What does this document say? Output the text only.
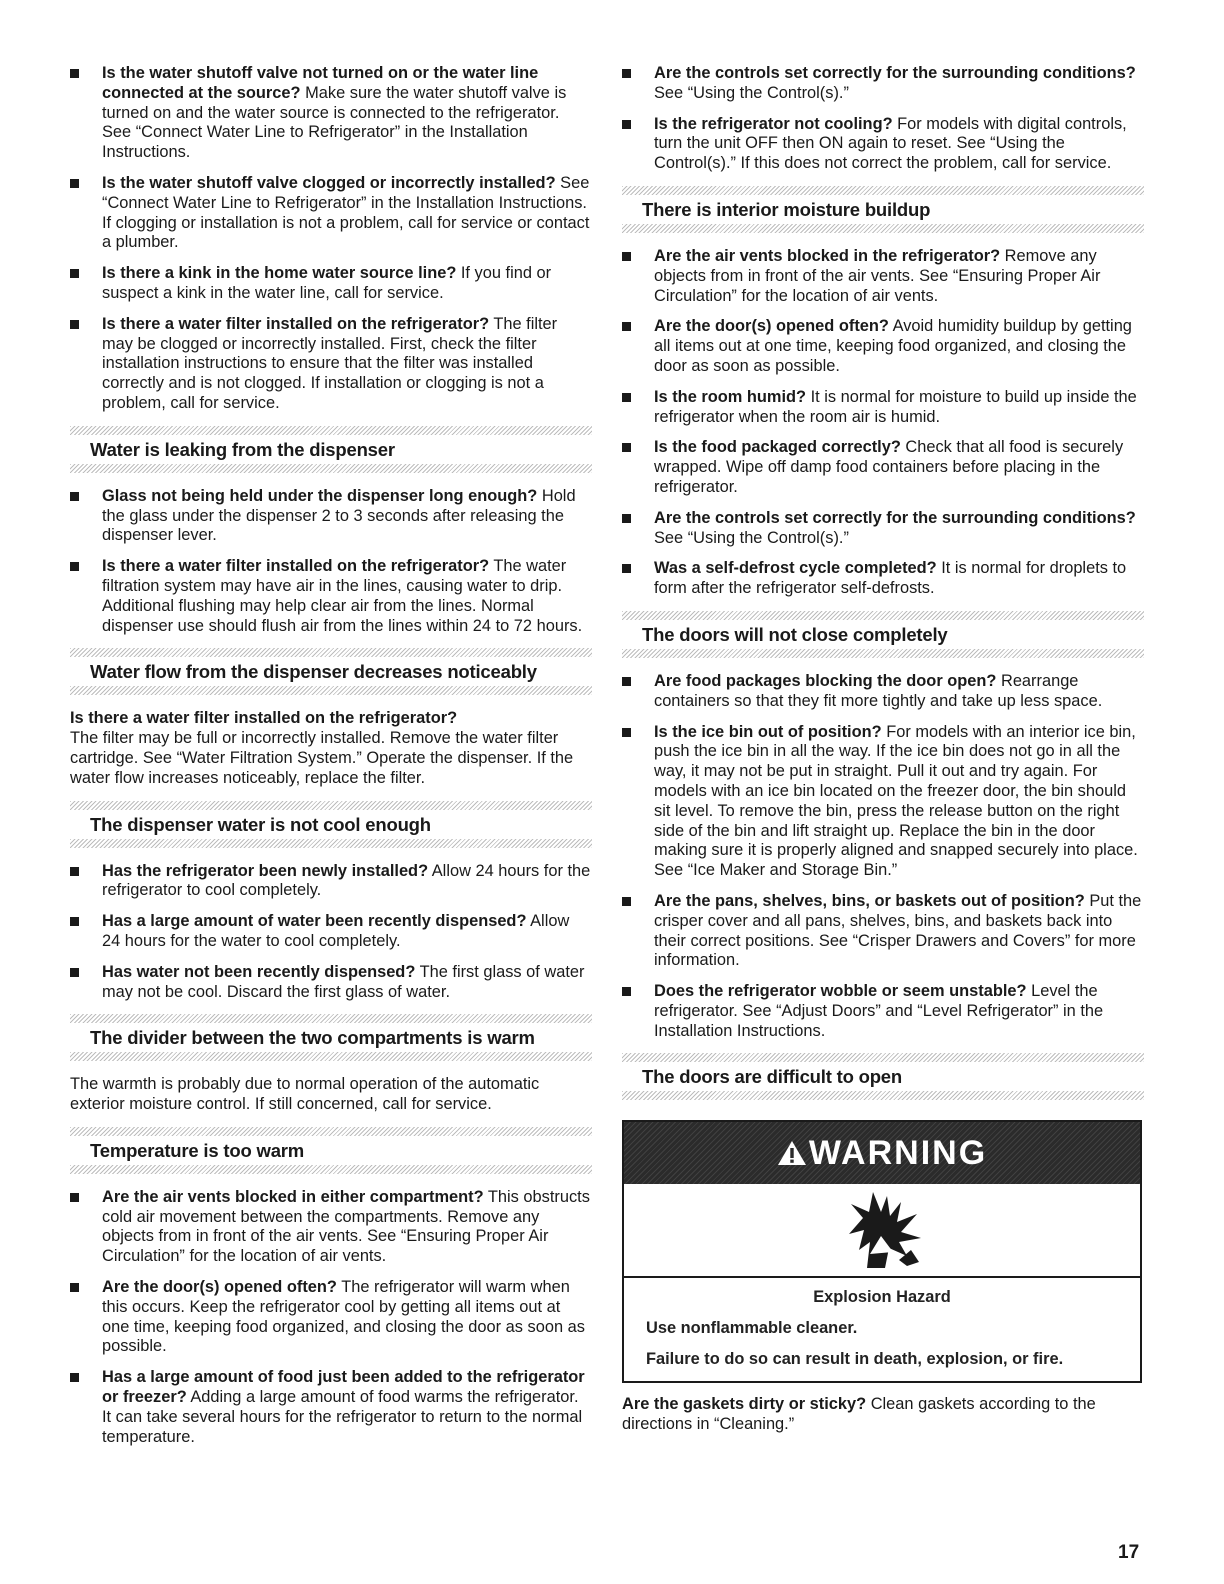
Is the water shutoff valve not turned on or the water line connected at the source? Make sure the water shutoff valve is turned on and the water source is connected to the refrigerator. See “Connect Water Line to Refrigerator” in the Installation Instructions.
Is the water shutoff valve clogged or incorrectly installed? See “Connect Water Line to Refrigerator” in the Installation Instructions. If clogging or installation is not a problem, call for service or contact a plumber.
Is there a kink in the home water source line? If you find or suspect a kink in the water line, call for service.
Is there a water filter installed on the refrigerator? The filter may be clogged or incorrectly installed. First, check the filter installation instructions to ensure that the filter was installed correctly and is not clogged. If installation or clogging is not a problem, call for service.
Water is leaking from the dispenser
Glass not being held under the dispenser long enough? Hold the glass under the dispenser 2 to 3 seconds after releasing the dispenser lever.
Is there a water filter installed on the refrigerator? The water filtration system may have air in the lines, causing water to drip. Additional flushing may help clear air from the lines. Normal dispenser use should flush air from the lines within 24 to 72 hours.
Water flow from the dispenser decreases noticeably
Is there a water filter installed on the refrigerator?
The filter may be full or incorrectly installed. Remove the water filter cartridge. See “Water Filtration System.” Operate the dispenser. If the water flow increases noticeably, replace the filter.
The dispenser water is not cool enough
Has the refrigerator been newly installed? Allow 24 hours for the refrigerator to cool completely.
Has a large amount of water been recently dispensed? Allow 24 hours for the water to cool completely.
Has water not been recently dispensed? The first glass of water may not be cool. Discard the first glass of water.
The divider between the two compartments is warm
The warmth is probably due to normal operation of the automatic exterior moisture control. If still concerned, call for service.
Temperature is too warm
Are the air vents blocked in either compartment? This obstructs cold air movement between the compartments. Remove any objects from in front of the air vents. See “Ensuring Proper Air Circulation” for the location of air vents.
Are the door(s) opened often? The refrigerator will warm when this occurs. Keep the refrigerator cool by getting all items out at one time, keeping food organized, and closing the door as soon as possible.
Has a large amount of food just been added to the refrigerator or freezer? Adding a large amount of food warms the refrigerator. It can take several hours for the refrigerator to return to the normal temperature.
Are the controls set correctly for the surrounding conditions? See “Using the Control(s).”
Is the refrigerator not cooling? For models with digital controls, turn the unit OFF then ON again to reset. See “Using the Control(s).” If this does not correct the problem, call for service.
There is interior moisture buildup
Are the air vents blocked in the refrigerator? Remove any objects from in front of the air vents. See “Ensuring Proper Air Circulation” for the location of air vents.
Are the door(s) opened often? Avoid humidity buildup by getting all items out at one time, keeping food organized, and closing the door as soon as possible.
Is the room humid? It is normal for moisture to build up inside the refrigerator when the room air is humid.
Is the food packaged correctly? Check that all food is securely wrapped. Wipe off damp food containers before placing in the refrigerator.
Are the controls set correctly for the surrounding conditions? See “Using the Control(s).”
Was a self-defrost cycle completed? It is normal for droplets to form after the refrigerator self-defrosts.
The doors will not close completely
Are food packages blocking the door open? Rearrange containers so that they fit more tightly and take up less space.
Is the ice bin out of position? For models with an interior ice bin, push the ice bin in all the way. If the ice bin does not go in all the way, it may not be put in straight. Pull it out and try again. For models with an ice bin located on the freezer door, the bin should sit level. To remove the bin, press the release button on the right side of the bin and lift straight up. Replace the bin in the door making sure it is properly aligned and snapped securely into place. See “Ice Maker and Storage Bin.”
Are the pans, shelves, bins, or baskets out of position? Put the crisper cover and all pans, shelves, bins, and baskets back into their correct positions. See “Crisper Drawers and Covers” for more information.
Does the refrigerator wobble or seem unstable? Level the refrigerator. See “Adjust Doors” and “Level Refrigerator” in the Installation Instructions.
The doors are difficult to open
WARNING
Explosion Hazard
Use nonflammable cleaner.
Failure to do so can result in death, explosion, or fire.
Are the gaskets dirty or sticky? Clean gaskets according to the directions in “Cleaning.”
17
